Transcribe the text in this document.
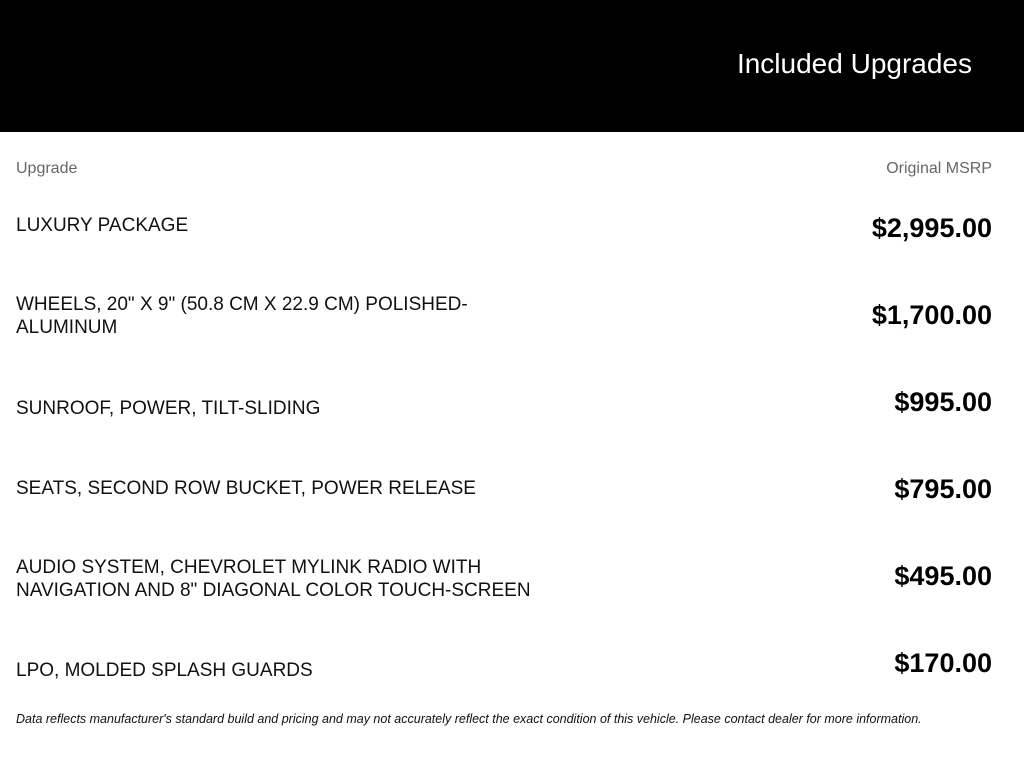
Included Upgrades
Upgrade	Original MSRP
LUXURY PACKAGE	$2,995.00
WHEELS, 20" X 9" (50.8 CM X 22.9 CM) POLISHED-ALUMINUM	$1,700.00
SUNROOF, POWER, TILT-SLIDING	$995.00
SEATS, SECOND ROW BUCKET, POWER RELEASE	$795.00
AUDIO SYSTEM, CHEVROLET MYLINK RADIO WITH NAVIGATION AND 8" DIAGONAL COLOR TOUCH-SCREEN	$495.00
LPO, MOLDED SPLASH GUARDS	$170.00
Data reflects manufacturer's standard build and pricing and may not accurately reflect the exact condition of this vehicle. Please contact dealer for more information.
